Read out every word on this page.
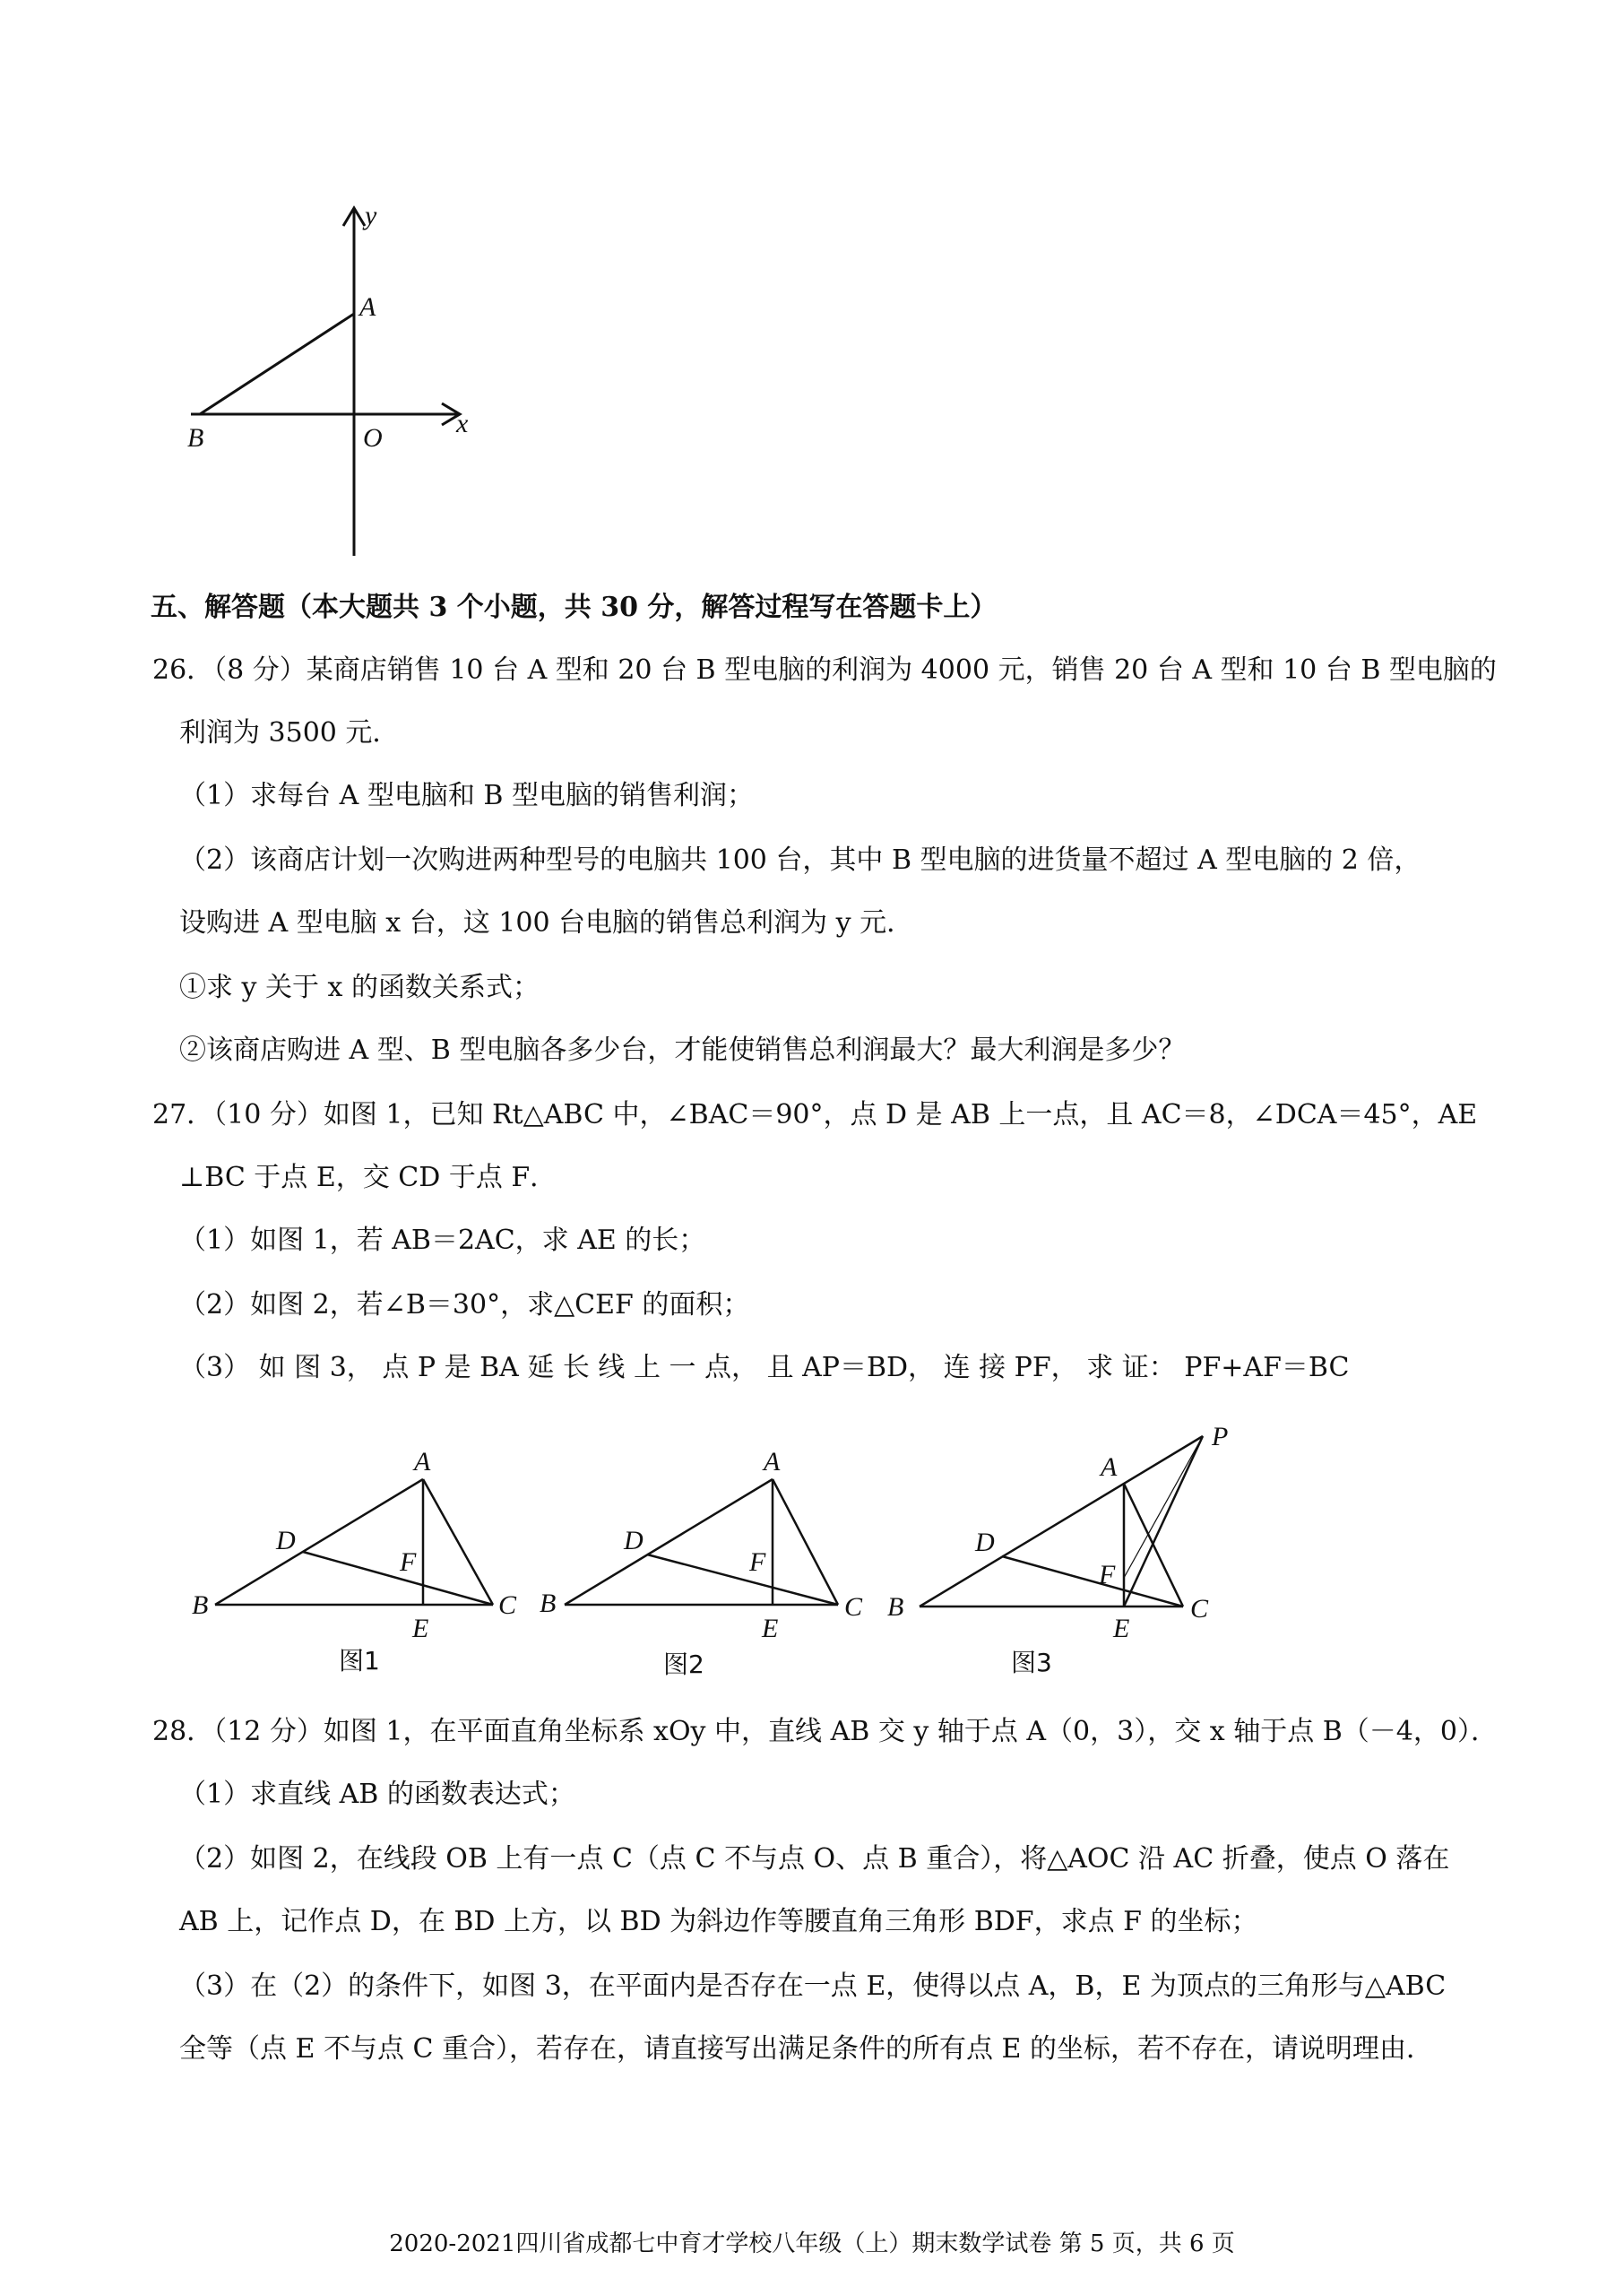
y
A
B	O	x
五、解答题（本大题共 3 个小题，共 30 分，解答过程写在答题卡上）
26．（8 分）某商店销售 10 台 A 型和 20 台 B 型电脑的利润为 4000 元，销售 20 台 A 型和 10 台 B 型电脑的
利润为 3500 元．
（1）求每台 A 型电脑和 B 型电脑的销售利润；
（2）该商店计划一次购进两种型号的电脑共 100 台，其中 B 型电脑的进货量不超过 A 型电脑的 2 倍，
设购进 A 型电脑 x 台，这 100 台电脑的销售总利润为 y 元．
①求 y 关于 x 的函数关系式；
②该商店购进 A 型、B 型电脑各多少台，才能使销售总利润最大？最大利润是多少？
27．（10 分）如图 1，已知 Rt△ABC 中，∠BAC＝90°，点 D 是 AB 上一点，且 AC＝8，∠DCA＝45°，AE
⊥BC 于点 E，交 CD 于点 F．
（1）如图 1，若 AB＝2AC，求 AE 的长；
（2）如图 2，若∠B＝30°，求△CEF 的面积；
（3） 如 图 3， 点 P 是 BA 延 长 线 上 一 点， 且 AP＝BD， 连 接 PF， 求 证： PF+AF＝BC
A
B	C
D
E
F
图1
A
B	C
D
E
F
图2
P
A
B	C
D
E
F
图3
28．（12 分）如图 1，在平面直角坐标系 xOy 中，直线 AB 交 y 轴于点 A（0，3），交 x 轴于点 B（－4，0）．
（1）求直线 AB 的函数表达式；
（2）如图 2，在线段 OB 上有一点 C（点 C 不与点 O、点 B 重合），将△AOC 沿 AC 折叠，使点 O 落在
AB 上，记作点 D，在 BD 上方，以 BD 为斜边作等腰直角三角形 BDF，求点 F 的坐标；
（3）在（2）的条件下，如图 3，在平面内是否存在一点 E，使得以点 A，B，E 为顶点的三角形与△ABC
全等（点 E 不与点 C 重合），若存在，请直接写出满足条件的所有点 E 的坐标，若不存在，请说明理由．
2020-2021四川省成都七中育才学校八年级（上）期末数学试卷 第 5 页，共 6 页
